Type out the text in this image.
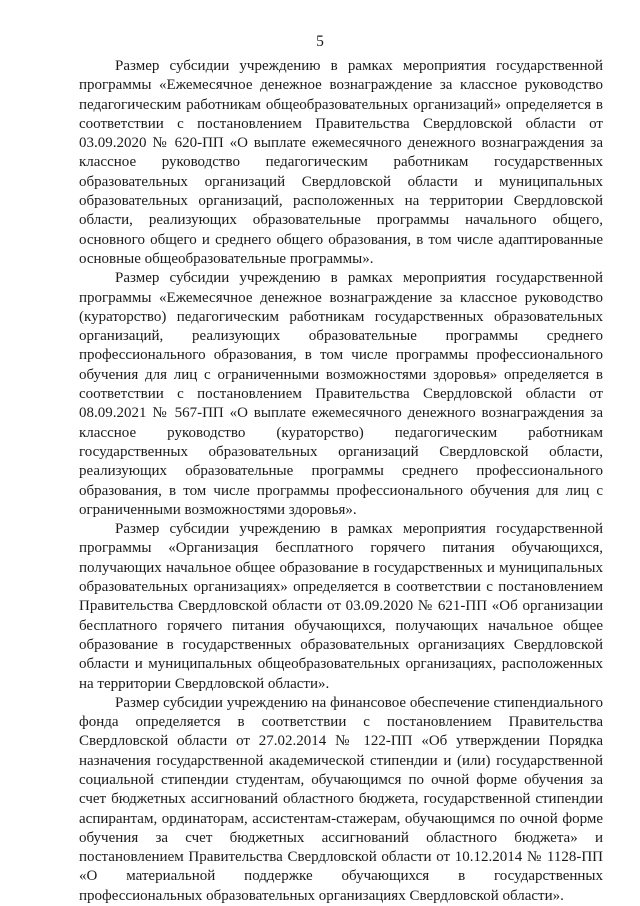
5

Размер субсидии учреждению в рамках мероприятия государственной программы «Ежемесячное денежное вознаграждение за классное руководство педагогическим работникам общеобразовательных организаций» определяется в соответствии с постановлением Правительства Свердловской области от 03.09.2020 № 620-ПП «О выплате ежемесячного денежного вознаграждения за классное руководство педагогическим работникам государственных образовательных организаций Свердловской области и муниципальных образовательных организаций, расположенных на территории Свердловской области, реализующих образовательные программы начального общего, основного общего и среднего общего образования, в том числе адаптированные основные общеобразовательные программы».

Размер субсидии учреждению в рамках мероприятия государственной программы «Ежемесячное денежное вознаграждение за классное руководство (кураторство) педагогическим работникам государственных образовательных организаций, реализующих образовательные программы среднего профессионального образования, в том числе программы профессионального обучения для лиц с ограниченными возможностями здоровья» определяется в соответствии с постановлением Правительства Свердловской области от 08.09.2021 № 567-ПП «О выплате ежемесячного денежного вознаграждения за классное руководство (кураторство) педагогическим работникам государственных образовательных организаций Свердловской области, реализующих образовательные программы среднего профессионального образования, в том числе программы профессионального обучения для лиц с ограниченными возможностями здоровья».

Размер субсидии учреждению в рамках мероприятия государственной программы «Организация бесплатного горячего питания обучающихся, получающих начальное общее образование в государственных и муниципальных образовательных организациях» определяется в соответствии с постановлением Правительства Свердловской области от 03.09.2020 № 621-ПП «Об организации бесплатного горячего питания обучающихся, получающих начальное общее образование в государственных образовательных организациях Свердловской области и муниципальных общеобразовательных организациях, расположенных на территории Свердловской области».

Размер субсидии учреждению на финансовое обеспечение стипендиального фонда определяется в соответствии с постановлением Правительства Свердловской области от 27.02.2014 № 122-ПП «Об утверждении Порядка назначения государственной академической стипендии и (или) государственной социальной стипендии студентам, обучающимся по очной форме обучения за счет бюджетных ассигнований областного бюджета, государственной стипендии аспирантам, ординаторам, ассистентам-стажерам, обучающимся по очной форме обучения за счет бюджетных ассигнований областного бюджета» и постановлением Правительства Свердловской области от 10.12.2014 № 1128-ПП «О материальной поддержке обучающихся в государственных профессиональных образовательных организациях Свердловской области».
